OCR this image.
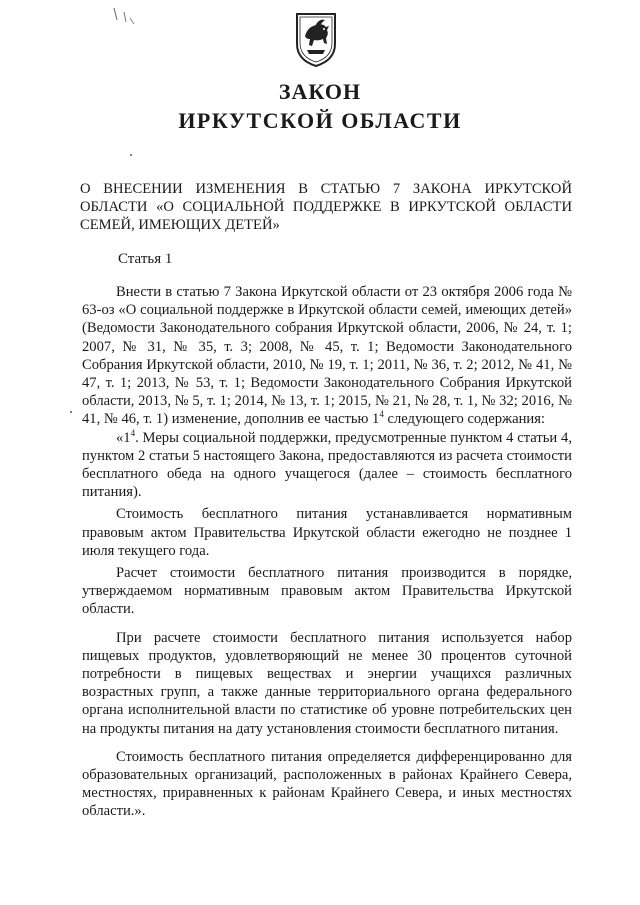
ЗАКОН
ИРКУТСКОЙ ОБЛАСТИ
О ВНЕСЕНИИ ИЗМЕНЕНИЯ В СТАТЬЮ 7 ЗАКОНА ИРКУТСКОЙ ОБЛАСТИ «О СОЦИАЛЬНОЙ ПОДДЕРЖКЕ В ИРКУТСКОЙ ОБЛАСТИ СЕМЕЙ, ИМЕЮЩИХ ДЕТЕЙ»
Статья 1

Внести в статью 7 Закона Иркутской области от 23 октября 2006 года № 63-оз «О социальной поддержке в Иркутской области семей, имеющих детей» (Ведомости Законодательного собрания Иркутской области, 2006, № 24, т. 1; 2007, № 31, № 35, т. 3; 2008, № 45, т. 1; Ведомости Законодательного Собрания Иркутской области, 2010, № 19, т. 1; 2011, № 36, т. 2; 2012, № 41, № 47, т. 1; 2013, № 53, т. 1; Ведомости Законодательного Собрания Иркутской области, 2013, № 5, т. 1; 2014, № 13, т. 1; 2015, № 21, № 28, т. 1, № 32; 2016, № 41, № 46, т. 1) изменение, дополнив ее частью $1^4$ следующего содержания:

«$1^4$. Меры социальной поддержки, предусмотренные пунктом 4 статьи 4, пунктом 2 статьи 5 настоящего Закона, предоставляются из расчета стоимости бесплатного обеда на одного учащегося (далее – стоимость бесплатного питания).

Стоимость бесплатного питания устанавливается нормативным правовым актом Правительства Иркутской области ежегодно не позднее 1 июля текущего года.

Расчет стоимости бесплатного питания производится в порядке, утверждаемом нормативным правовым актом Правительства Иркутской области.

При расчете стоимости бесплатного питания используется набор пищевых продуктов, удовлетворяющий не менее 30 процентов суточной потребности в пищевых веществах и энергии учащихся различных возрастных групп, а также данные территориального органа федерального органа исполнительной власти по статистике об уровне потребительских цен на продукты питания на дату установления стоимости бесплатного питания.

Стоимость бесплатного питания определяется дифференцированно для образовательных организаций, расположенных в районах Крайнего Севера, местностях, приравненных к районам Крайнего Севера, и иных местностях области.».
